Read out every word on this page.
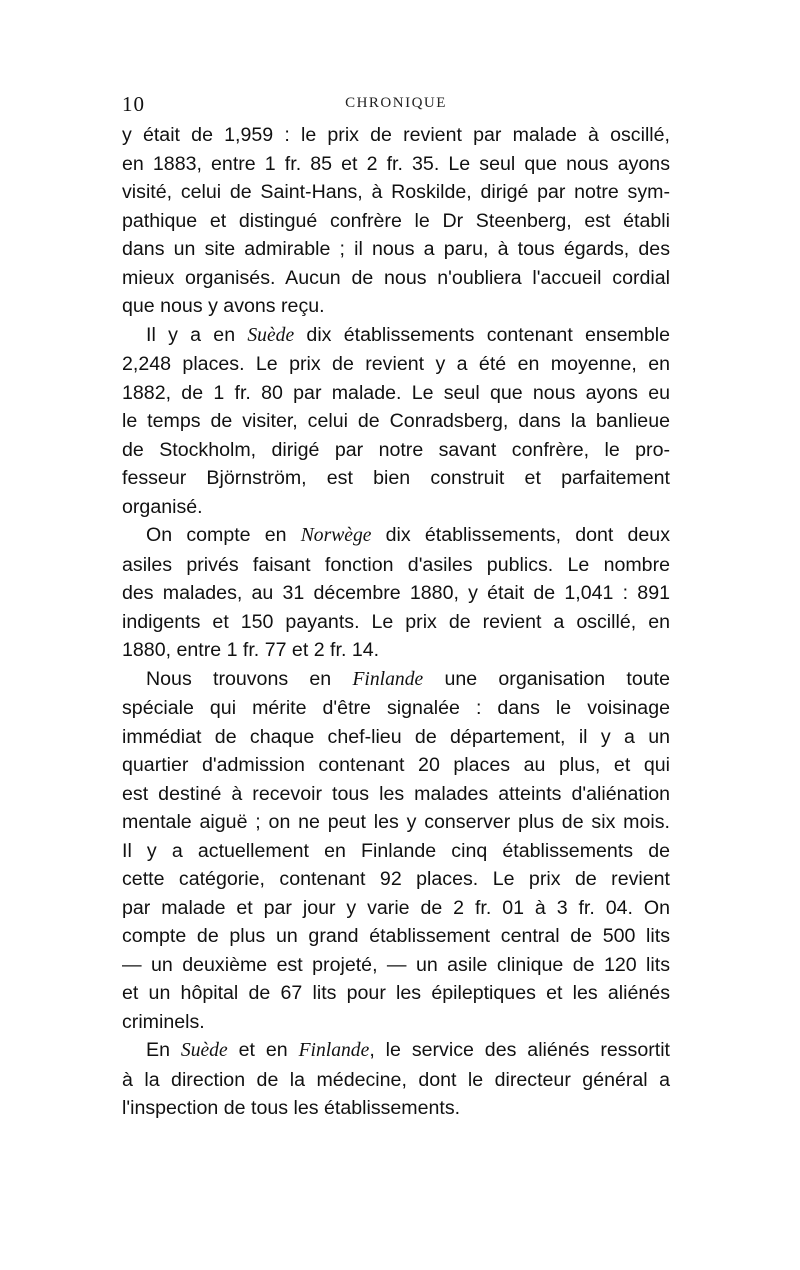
10	CHRONIQUE
y était de 1,959 : le prix de revient par malade à oscillé,
en 1883, entre 1 fr. 85 et 2 fr. 35. Le seul que nous ayons
visité, celui de Saint-Hans, à Roskilde, dirigé par notre sym-
pathique et distingué confrère le Dr Steenberg, est établi
dans un site admirable ; il nous a paru, à tous égards, des
mieux organisés. Aucun de nous n'oubliera l'accueil cordial
que nous y avons reçu.
Il y a en Suède dix établissements contenant ensemble
2,248 places. Le prix de revient y a été en moyenne, en
1882, de 1 fr. 80 par malade. Le seul que nous ayons eu
le temps de visiter, celui de Conradsberg, dans la banlieue
de Stockholm, dirigé par notre savant confrère, le pro-
fesseur Björnström, est bien construit et parfaitement
organisé.
On compte en Norwège dix établissements, dont deux
asiles privés faisant fonction d'asiles publics. Le nombre
des malades, au 31 décembre 1880, y était de 1,041 : 891
indigents et 150 payants. Le prix de revient a oscillé, en
1880, entre 1 fr. 77 et 2 fr. 14.
Nous trouvons en Finlande une organisation toute
spéciale qui mérite d'être signalée : dans le voisinage
immédiat de chaque chef-lieu de département, il y a un
quartier d'admission contenant 20 places au plus, et qui
est destiné à recevoir tous les malades atteints d'aliénation
mentale aiguë ; on ne peut les y conserver plus de six mois.
Il y a actuellement en Finlande cinq établissements de
cette catégorie, contenant 92 places. Le prix de revient
par malade et par jour y varie de 2 fr. 01 à 3 fr. 04. On
compte de plus un grand établissement central de 500 lits
— un deuxième est projeté, — un asile clinique de 120 lits
et un hôpital de 67 lits pour les épileptiques et les aliénés
criminels.
En Suède et en Finlande, le service des aliénés ressortit
à la direction de la médecine, dont le directeur général a
l'inspection de tous les établissements.
